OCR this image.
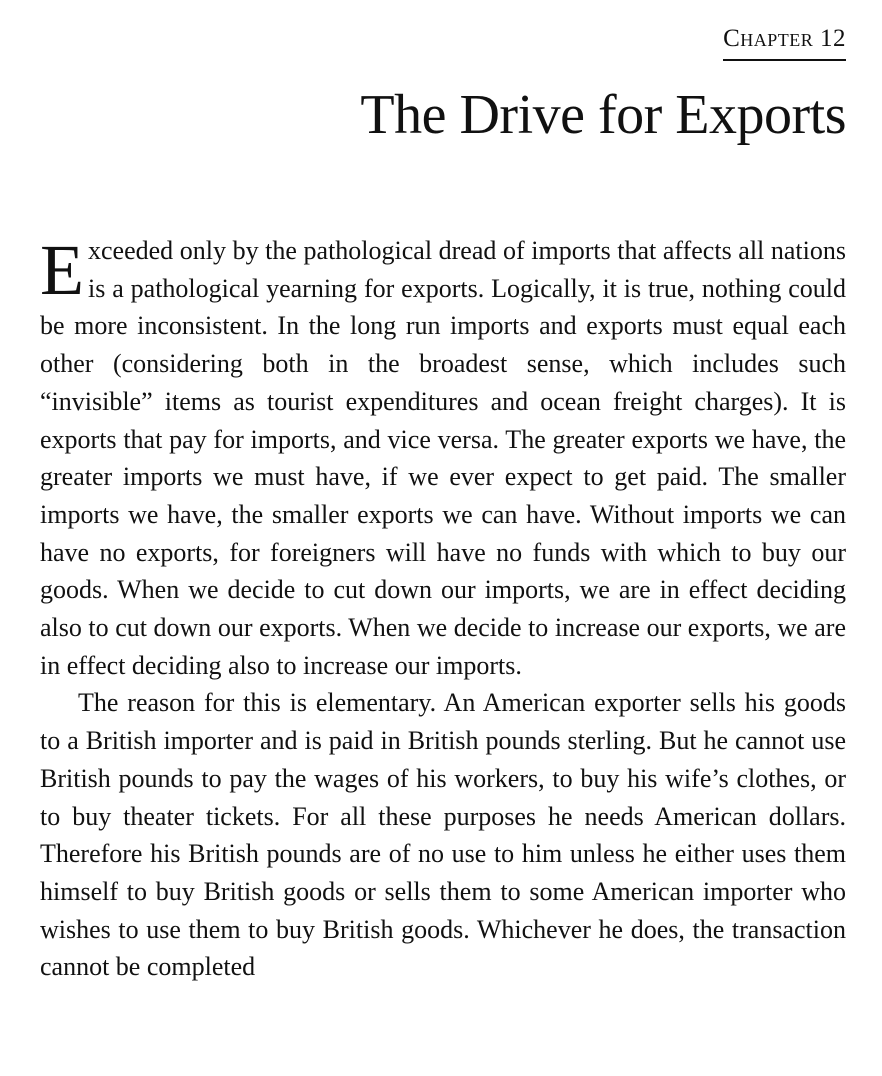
Chapter 12
The Drive for Exports

Exceeded only by the pathological dread of imports that affects all nations is a pathological yearning for exports. Logically, it is true, nothing could be more inconsistent. In the long run imports and exports must equal each other (considering both in the broadest sense, which includes such “invisible” items as tourist expenditures and ocean freight charges). It is exports that pay for imports, and vice versa. The greater exports we have, the greater imports we must have, if we ever expect to get paid. The smaller imports we have, the smaller exports we can have. Without imports we can have no exports, for foreigners will have no funds with which to buy our goods. When we decide to cut down our imports, we are in effect deciding also to cut down our exports. When we decide to increase our exports, we are in effect deciding also to increase our imports.

The reason for this is elementary. An American exporter sells his goods to a British importer and is paid in British pounds sterling. But he cannot use British pounds to pay the wages of his workers, to buy his wife’s clothes, or to buy theater tickets. For all these purposes he needs American dollars. Therefore his British pounds are of no use to him unless he either uses them himself to buy British goods or sells them to some American importer who wishes to use them to buy British goods. Whichever he does, the transaction cannot be completed
